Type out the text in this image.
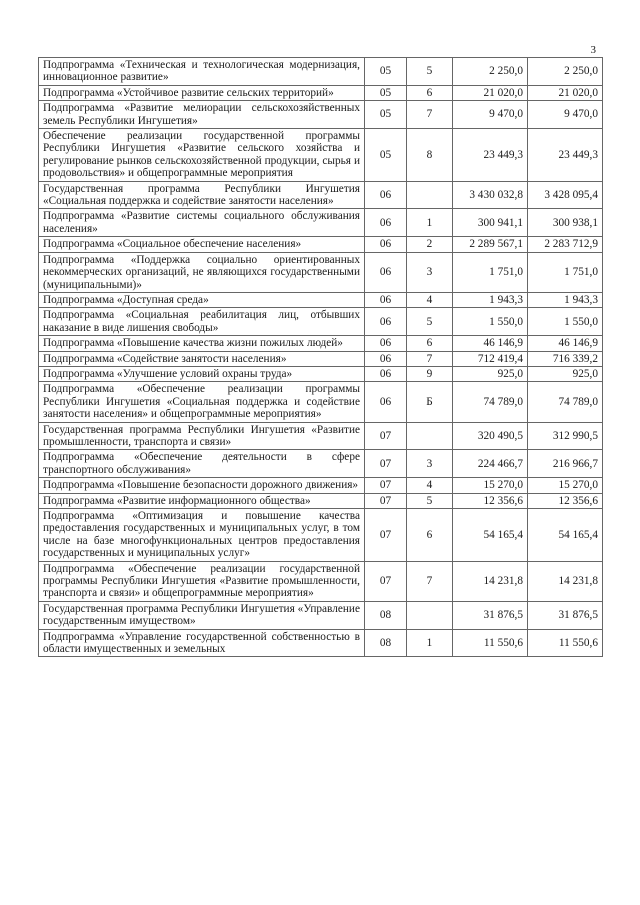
3
Подпрограмма «Техническая и технологическая модернизация, инновационное развитие»	05	5	2 250,0	2 250,0
Подпрограмма «Устойчивое развитие сельских территорий»	05	6	21 020,0	21 020,0
Подпрограмма «Развитие мелиорации сельскохозяйственных земель Республики Ингушетия»	05	7	9 470,0	9 470,0
Обеспечение реализации государственной программы Республики Ингушетия «Развитие сельского хозяйства и регулирование рынков сельскохозяйственной продукции, сырья и продовольствия» и общепрограммные мероприятия	05	8	23 449,3	23 449,3
Государственная программа Республики Ингушетия «Социальная поддержка и содействие занятости населения»	06		3 430 032,8	3 428 095,4
Подпрограмма «Развитие системы социального обслуживания населения»	06	1	300 941,1	300 938,1
Подпрограмма «Социальное обеспечение населения»	06	2	2 289 567,1	2 283 712,9
Подпрограмма «Поддержка социально ориентированных некоммерческих организаций, не являющихся государственными (муниципальными)»	06	3	1 751,0	1 751,0
Подпрограмма «Доступная среда»	06	4	1 943,3	1 943,3
Подпрограмма «Социальная реабилитация лиц, отбывших наказание в виде лишения свободы»	06	5	1 550,0	1 550,0
Подпрограмма «Повышение качества жизни пожилых людей»	06	6	46 146,9	46 146,9
Подпрограмма «Содействие занятости населения»	06	7	712 419,4	716 339,2
Подпрограмма «Улучшение условий охраны труда»	06	9	925,0	925,0
Подпрограмма «Обеспечение реализации программы Республики Ингушетия «Социальная поддержка и содействие занятости населения» и общепрограммные мероприятия»	06	Б	74 789,0	74 789,0
Государственная программа Республики Ингушетия «Развитие промышленности, транспорта и связи»	07		320 490,5	312 990,5
Подпрограмма «Обеспечение деятельности в сфере транспортного обслуживания»	07	3	224 466,7	216 966,7
Подпрограмма «Повышение безопасности дорожного движения»	07	4	15 270,0	15 270,0
Подпрограмма «Развитие информационного общества»	07	5	12 356,6	12 356,6
Подпрограмма «Оптимизация и повышение качества предоставления государственных и муниципальных услуг, в том числе на базе многофункциональных центров предоставления государственных и муниципальных услуг»	07	6	54 165,4	54 165,4
Подпрограмма «Обеспечение реализации государственной программы Республики Ингушетия «Развитие промышленности, транспорта и связи» и общепрограммные мероприятия»	07	7	14 231,8	14 231,8
Государственная программа Республики Ингушетия «Управление государственным имуществом»	08		31 876,5	31 876,5
Подпрограмма «Управление государственной собственностью в области имущественных и земельных	08	1	11 550,6	11 550,6
